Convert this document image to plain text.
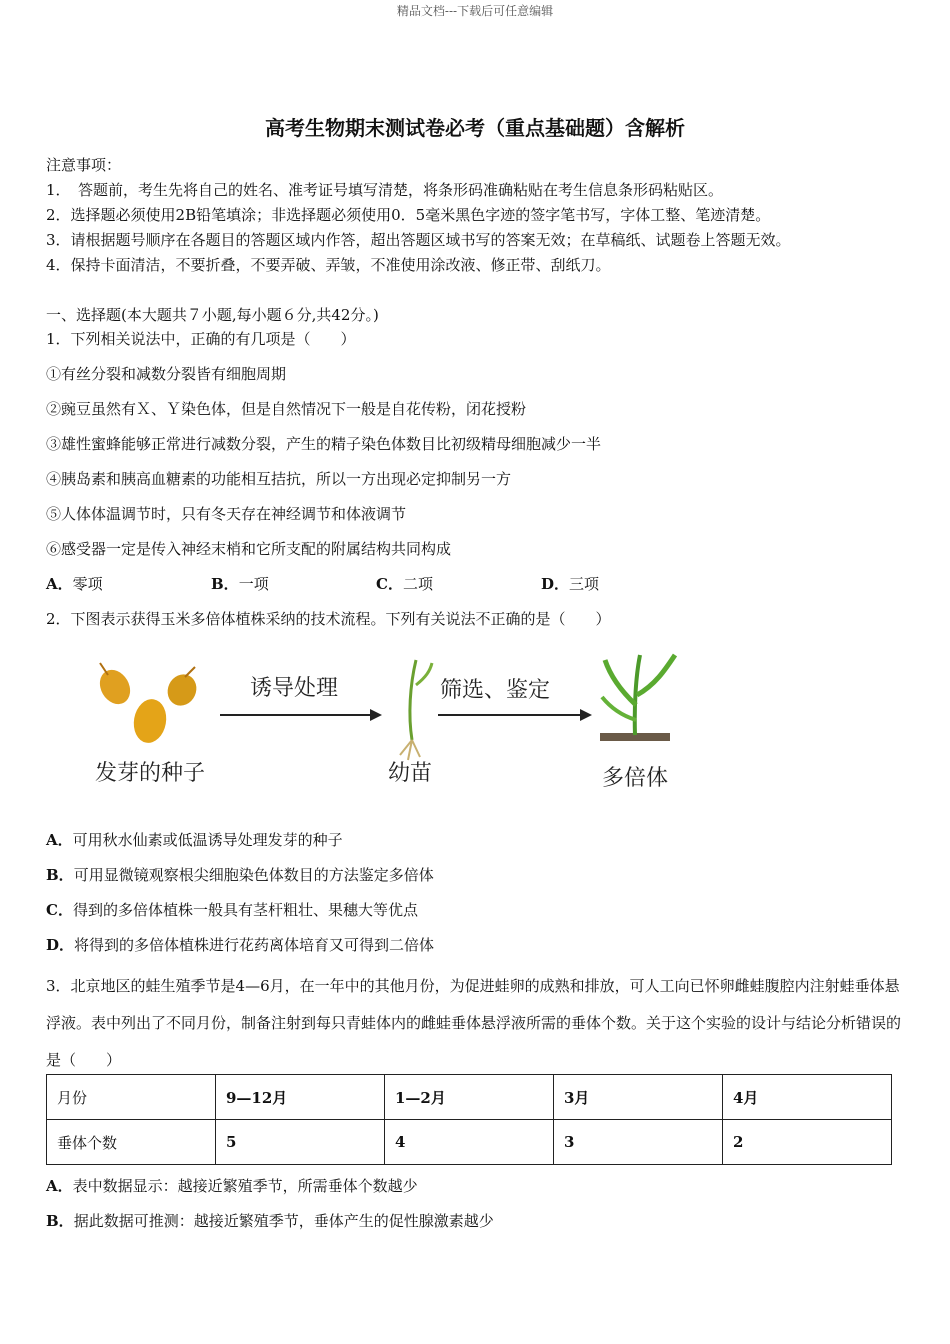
精品文档---下载后可任意编辑
高考生物期末测试卷必考（重点基础题）含解析
注意事项：
1．　答题前，考生先将自己的姓名、准考证号填写清楚，将条形码准确粘贴在考生信息条形码粘贴区。
2．选择题必须使用2B铅笔填涂；非选择题必须使用0．5毫米黑色字迹的签字笔书写，字体工整、笔迹清楚。
3．请根据题号顺序在各题目的答题区域内作答，超出答题区域书写的答案无效；在草稿纸、试题卷上答题无效。
4．保持卡面清洁，不要折叠，不要弄破、弄皱，不准使用涂改液、修正带、刮纸刀。
一、选择题(本大题共７小题,每小题６分,共42分。)
1．下列相关说法中，正确的有几项是（　　）
①有丝分裂和减数分裂皆有细胞周期
②豌豆虽然有Ｘ、Ｙ染色体，但是自然情况下一般是自花传粉，闭花授粉
③雄性蜜蜂能够正常进行减数分裂，产生的精子染色体数目比初级精母细胞减少一半
④胰岛素和胰高血糖素的功能相互拮抗，所以一方出现必定抑制另一方
⑤人体体温调节时，只有冬天存在神经调节和体液调节
⑥感受器一定是传入神经末梢和它所支配的附属结构共同构成
A．零项	B．一项	C．二项	D．三项
2．下图表示获得玉米多倍体植株采纳的技术流程。下列有关说法不正确的是（　　）
发芽的种子
诱导处理
幼苗
筛选、鉴定
多倍体
A．可用秋水仙素或低温诱导处理发芽的种子
B．可用显微镜观察根尖细胞染色体数目的方法鉴定多倍体
C．得到的多倍体植株一般具有茎杆粗壮、果穗大等优点
D．将得到的多倍体植株进行花药离体培育又可得到二倍体
3．北京地区的蛙生殖季节是4—6月，在一年中的其他月份，为促进蛙卵的成熟和排放，可人工向已怀卵雌蛙腹腔内注射蛙垂体悬浮液。表中列出了不同月份，制备注射到每只青蛙体内的雌蛙垂体悬浮液所需的垂体个数。关于这个实验的设计与结论分析错误的是（　　）
月份	9—12月	1—2月	3月	4月
垂体个数	5	4	3	2
A．表中数据显示：越接近繁殖季节，所需垂体个数越少
B．据此数据可推测：越接近繁殖季节，垂体产生的促性腺激素越少
